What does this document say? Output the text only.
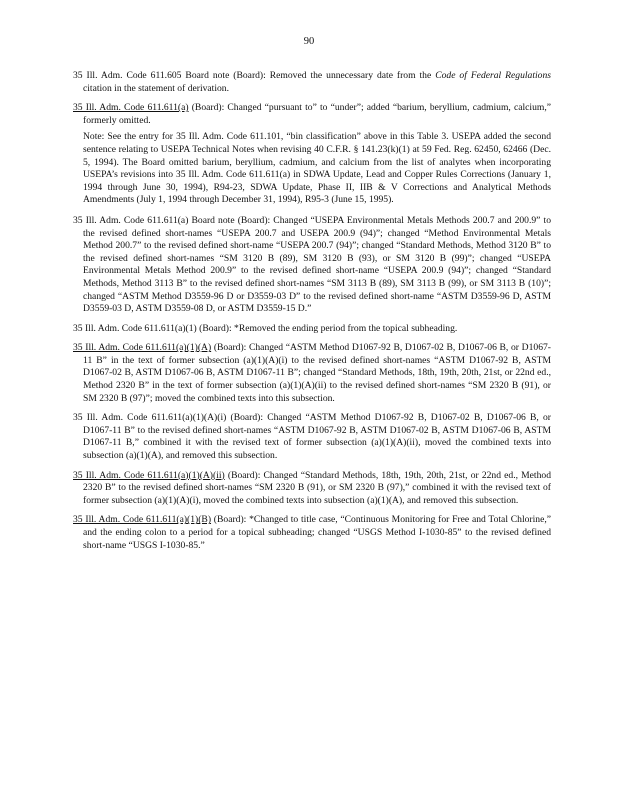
90

35 Ill. Adm. Code 611.605 Board note (Board): Removed the unnecessary date from the Code of Federal Regulations citation in the statement of derivation.

35 Ill. Adm. Code 611.611(a) (Board): Changed “pursuant to” to “under”; added “barium, beryllium, cadmium, calcium,” formerly omitted.

Note: See the entry for 35 Ill. Adm. Code 611.101, “bin classification” above in this Table 3. USEPA added the second sentence relating to USEPA Technical Notes when revising 40 C.F.R. § 141.23(k)(1) at 59 Fed. Reg. 62450, 62466 (Dec. 5, 1994). The Board omitted barium, beryllium, cadmium, and calcium from the list of analytes when incorporating USEPA’s revisions into 35 Ill. Adm. Code 611.611(a) in SDWA Update, Lead and Copper Rules Corrections (January 1, 1994 through June 30, 1994), R94-23, SDWA Update, Phase II, IIB & V Corrections and Analytical Methods Amendments (July 1, 1994 through December 31, 1994), R95-3 (June 15, 1995).

35 Ill. Adm. Code 611.611(a) Board note (Board): Changed “USEPA Environmental Metals Methods 200.7 and 200.9” to the revised defined short-names “USEPA 200.7 and USEPA 200.9 (94)”; changed “Method Environmental Metals Method 200.7” to the revised defined short-name “USEPA 200.7 (94)”; changed “Standard Methods, Method 3120 B” to the revised defined short-names “SM 3120 B (89), SM 3120 B (93), or SM 3120 B (99)”; changed “USEPA Environmental Metals Method 200.9” to the revised defined short-name “USEPA 200.9 (94)”; changed “Standard Methods, Method 3113 B” to the revised defined short-names “SM 3113 B (89), SM 3113 B (99), or SM 3113 B (10)”; changed “ASTM Method D3559-96 D or D3559-03 D” to the revised defined short-name “ASTM D3559-96 D, ASTM D3559-03 D, ASTM D3559-08 D, or ASTM D3559-15 D.”

35 Ill. Adm. Code 611.611(a)(1) (Board): *Removed the ending period from the topical subheading.

35 Ill. Adm. Code 611.611(a)(1)(A) (Board): Changed “ASTM Method D1067-92 B, D1067-02 B, D1067-06 B, or D1067-11 B” in the text of former subsection (a)(1)(A)(i) to the revised defined short-names “ASTM D1067-92 B, ASTM D1067-02 B, ASTM D1067-06 B, ASTM D1067-11 B”; changed “Standard Methods, 18th, 19th, 20th, 21st, or 22nd ed., Method 2320 B” in the text of former subsection (a)(1)(A)(ii) to the revised defined short-names “SM 2320 B (91), or SM 2320 B (97)”; moved the combined texts into this subsection.

35 Ill. Adm. Code 611.611(a)(1)(A)(i) (Board): Changed “ASTM Method D1067-92 B, D1067-02 B, D1067-06 B, or D1067-11 B” to the revised defined short-names “ASTM D1067-92 B, ASTM D1067-02 B, ASTM D1067-06 B, ASTM D1067-11 B,” combined it with the revised text of former subsection (a)(1)(A)(ii), moved the combined texts into subsection (a)(1)(A), and removed this subsection.

35 Ill. Adm. Code 611.611(a)(1)(A)(ii) (Board): Changed “Standard Methods, 18th, 19th, 20th, 21st, or 22nd ed., Method 2320 B” to the revised defined short-names “SM 2320 B (91), or SM 2320 B (97),” combined it with the revised text of former subsection (a)(1)(A)(i), moved the combined texts into subsection (a)(1)(A), and removed this subsection.

35 Ill. Adm. Code 611.611(a)(1)(B) (Board): *Changed to title case, “Continuous Monitoring for Free and Total Chlorine,” and the ending colon to a period for a topical subheading; changed “USGS Method I-1030-85” to the revised defined short-name “USGS I-1030-85.”
